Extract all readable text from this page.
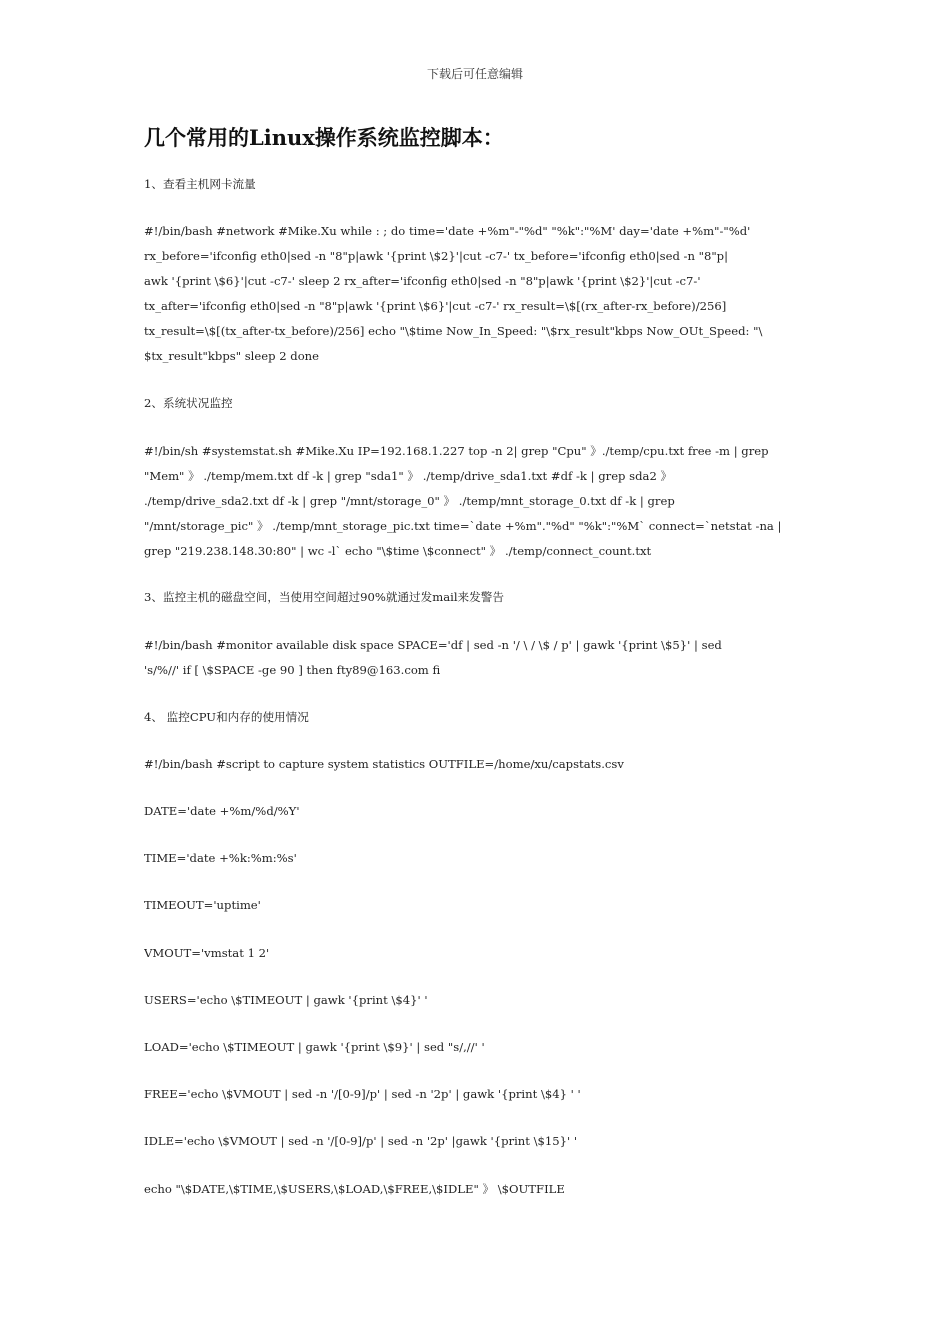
下载后可任意编辑
几个常用的Linux操作系统监控脚本：
1、查看主机网卡流量
#!/bin/bash #network #Mike.Xu while : ; do time='date +%m"-"%d" "%k":"%M' day='date +%m"-"%d'
rx_before='ifconfig eth0|sed -n "8"p|awk '{print \$2}'|cut -c7-' tx_before='ifconfig eth0|sed -n "8"p|
awk '{print \$6}'|cut -c7-' sleep 2 rx_after='ifconfig eth0|sed -n "8"p|awk '{print \$2}'|cut -c7-'
tx_after='ifconfig eth0|sed -n "8"p|awk '{print \$6}'|cut -c7-' rx_result=\$[(rx_after-rx_before)/256]
tx_result=\$[(tx_after-tx_before)/256] echo "\$time Now_In_Speed: "\$rx_result"kbps Now_OUt_Speed: "\
$tx_result"kbps" sleep 2 done
2、系统状况监控
#!/bin/sh #systemstat.sh #Mike.Xu IP=192.168.1.227 top -n 2| grep "Cpu" 》./temp/cpu.txt free -m | grep
"Mem" 》 ./temp/mem.txt df -k | grep "sda1" 》 ./temp/drive_sda1.txt #df -k | grep sda2 》
./temp/drive_sda2.txt df -k | grep "/mnt/storage_0" 》 ./temp/mnt_storage_0.txt df -k | grep
"/mnt/storage_pic" 》 ./temp/mnt_storage_pic.txt time=`date +%m"."%d" "%k":"%M` connect=`netstat -na |
grep "219.238.148.30:80" | wc -l` echo "\$time \$connect" 》 ./temp/connect_count.txt
3、监控主机的磁盘空间，当使用空间超过90%就通过发mail来发警告
#!/bin/bash #monitor available disk space SPACE='df | sed -n '/ \ / \$ / p' | gawk '{print \$5}' | sed
's/%//' if [ \$SPACE -ge 90 ] then fty89@163.com fi
4、 监控CPU和内存的使用情况
#!/bin/bash #script to capture system statistics OUTFILE=/home/xu/capstats.csv
DATE='date +%m/%d/%Y'
TIME='date +%k:%m:%s'
TIMEOUT='uptime'
VMOUT='vmstat 1 2'
USERS='echo \$TIMEOUT | gawk '{print \$4}' '
LOAD='echo \$TIMEOUT | gawk '{print \$9}' | sed "s/,//' '
FREE='echo \$VMOUT | sed -n '/[0-9]/p' | sed -n '2p' | gawk '{print \$4} ' '
IDLE='echo \$VMOUT | sed -n '/[0-9]/p' | sed -n '2p' |gawk '{print \$15}' '
echo "\$DATE,\$TIME,\$USERS,\$LOAD,\$FREE,\$IDLE" 》 \$OUTFILE
